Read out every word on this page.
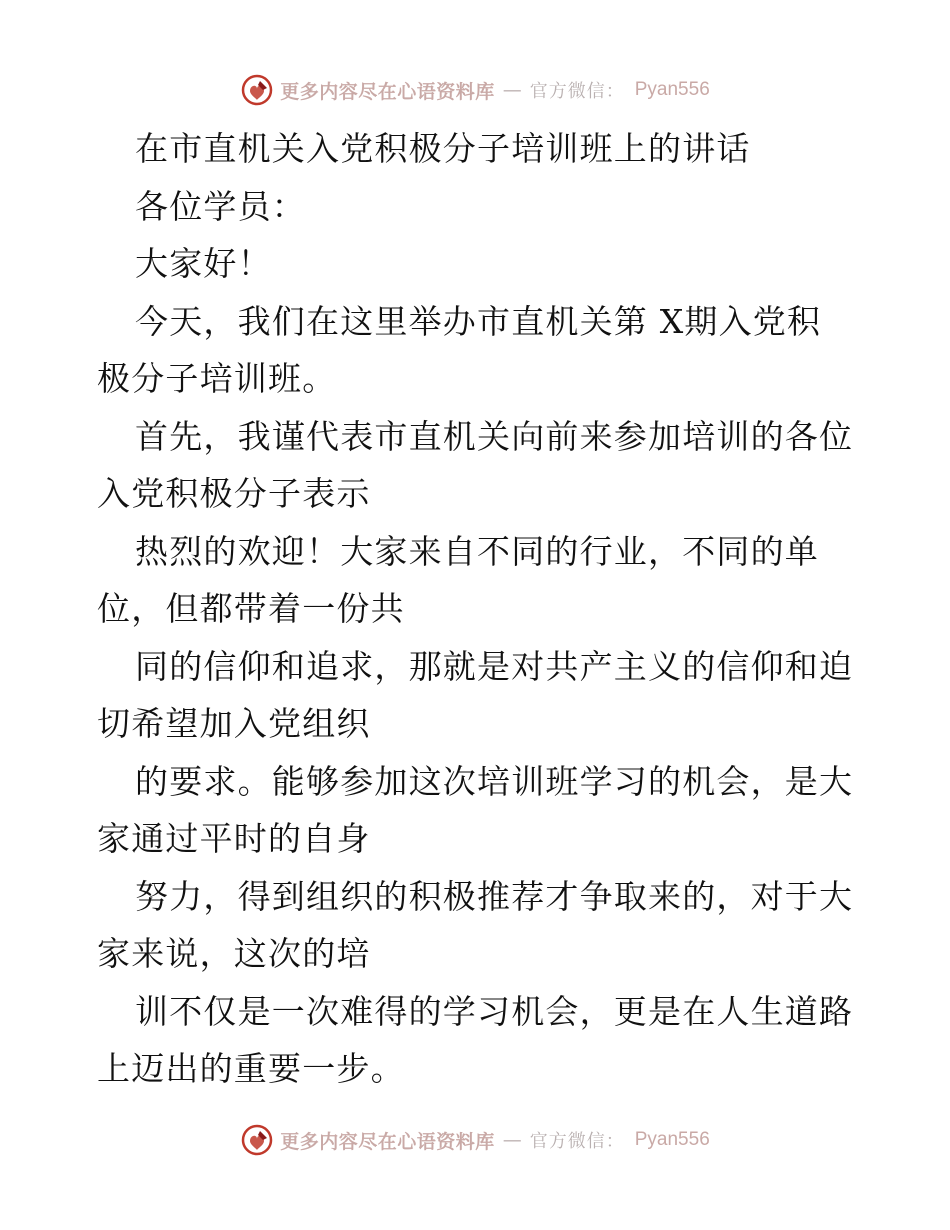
更多内容尽在心语资料库 — 官方微信： Pyan556
在市直机关入党积极分子培训班上的讲话
各位学员：
大家好！
今天，我们在这里举办市直机关第 X期入党积
极分子培训班。
首先，我谨代表市直机关向前来参加培训的各位
入党积极分子表示
热烈的欢迎！大家来自不同的行业，不同的单
位，但都带着一份共
同的信仰和追求，那就是对共产主义的信仰和迫
切希望加入党组织
的要求。能够参加这次培训班学习的机会，是大
家通过平时的自身
努力，得到组织的积极推荐才争取来的，对于大
家来说，这次的培
训不仅是一次难得的学习机会，更是在人生道路
上迈出的重要一步。
更多内容尽在心语资料库 — 官方微信： Pyan556
